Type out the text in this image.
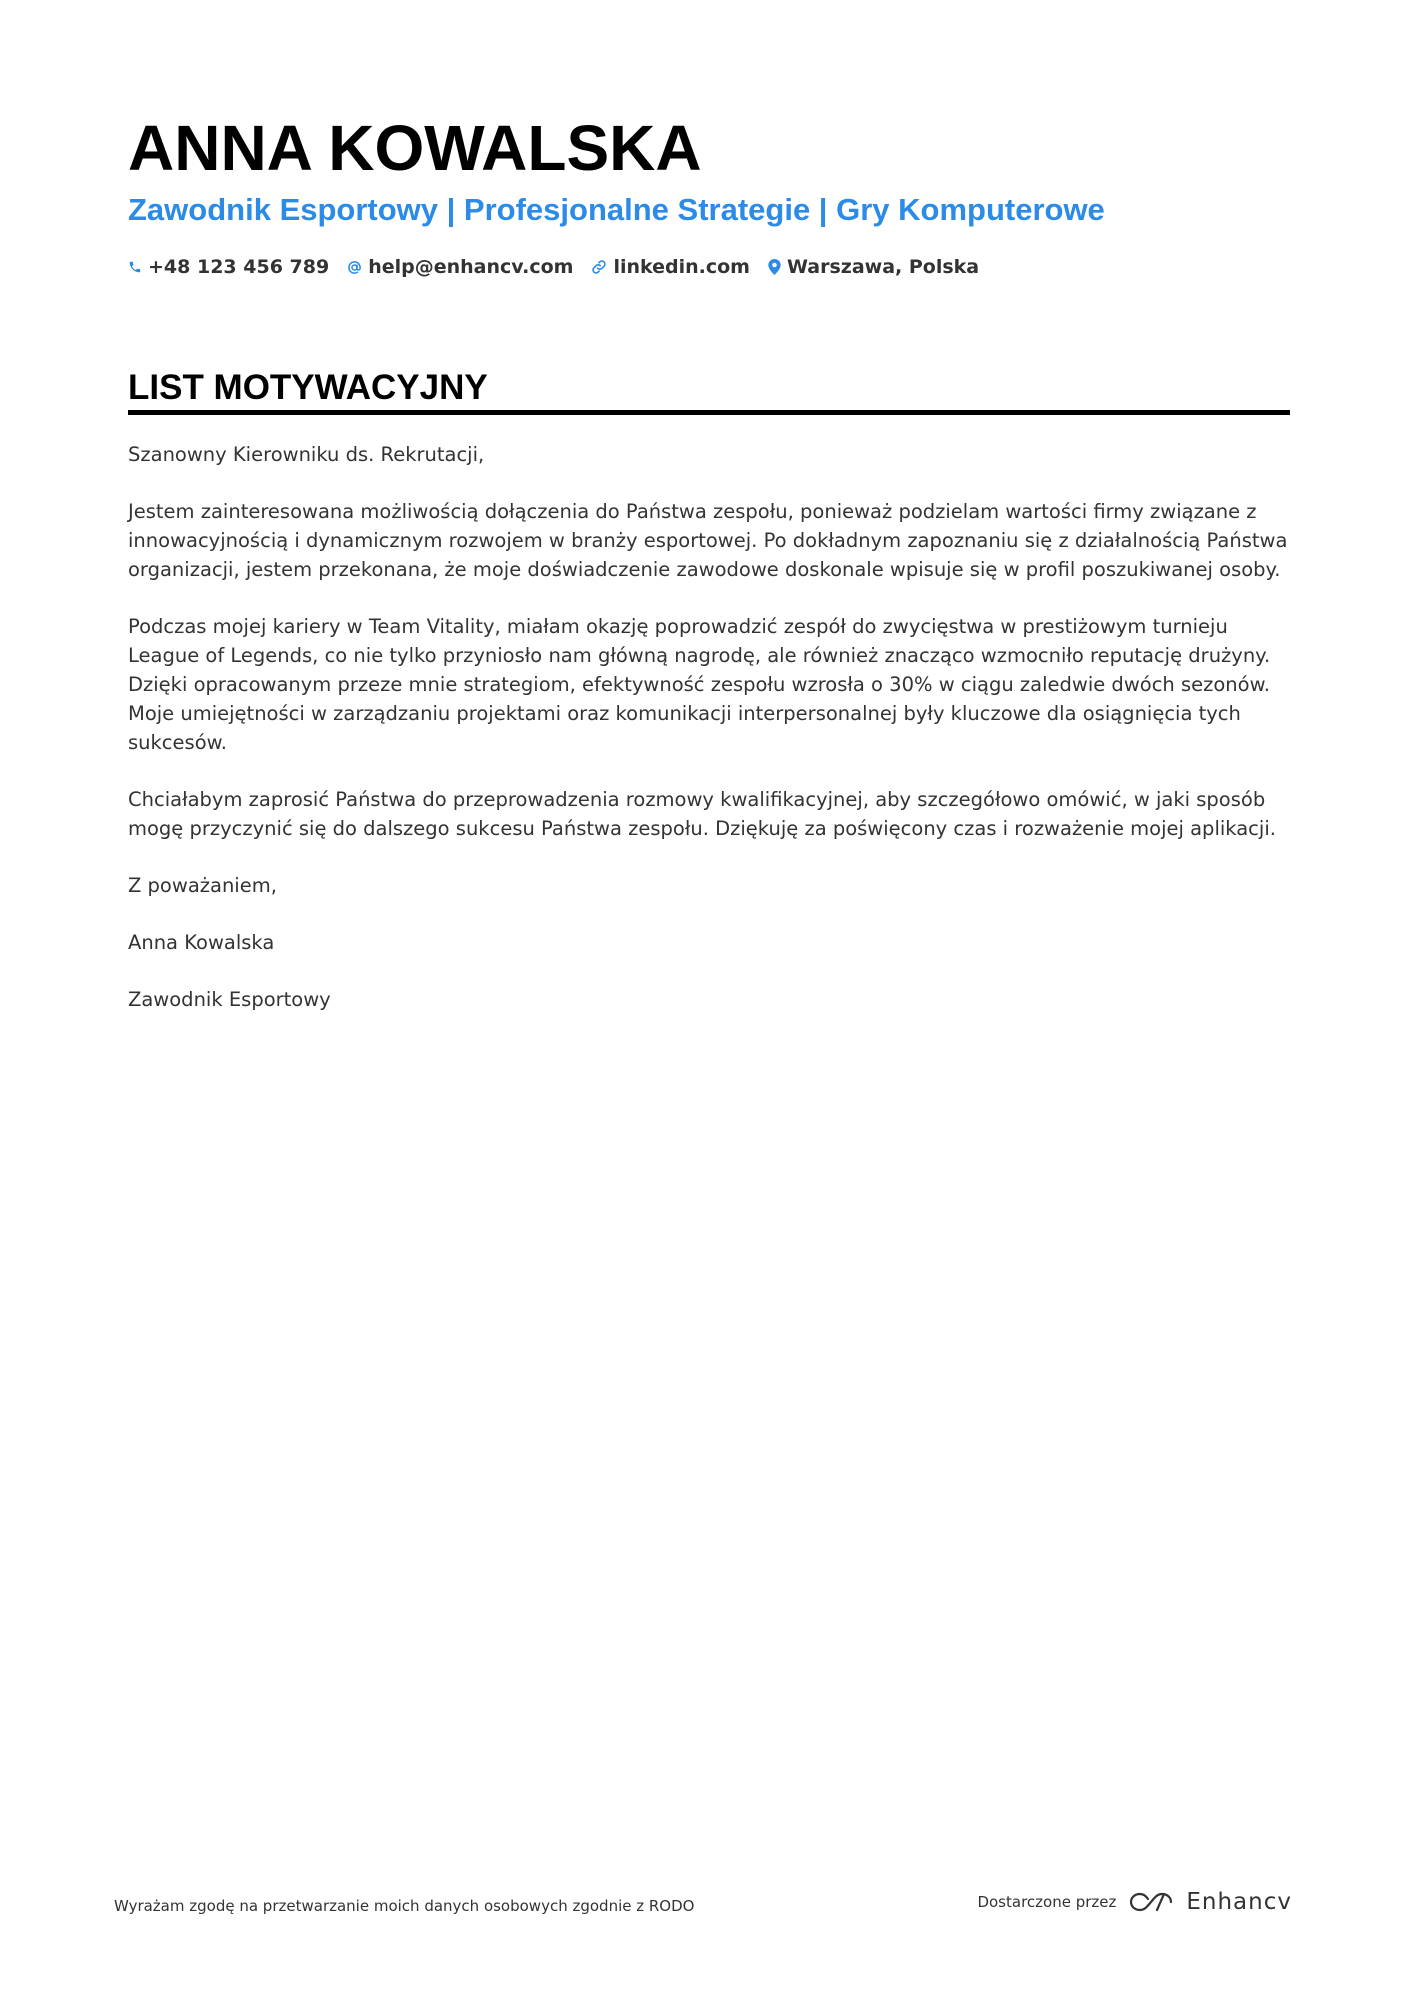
ANNA KOWALSKA
Zawodnik Esportowy | Profesjonalne Strategie | Gry Komputerowe
+48 123 456 789 help@enhancv.com linkedin.com Warszawa, Polska
LIST MOTYWACYJNY

Szanowny Kierowniku ds. Rekrutacji,

Jestem zainteresowana możliwością dołączenia do Państwa zespołu, ponieważ podzielam wartości firmy związane z innowacyjnością i dynamicznym rozwojem w branży esportowej. Po dokładnym zapoznaniu się z działalnością Państwa organizacji, jestem przekonana, że moje doświadczenie zawodowe doskonale wpisuje się w profil poszukiwanej osoby.

Podczas mojej kariery w Team Vitality, miałam okazję poprowadzić zespół do zwycięstwa w prestiżowym turnieju League of Legends, co nie tylko przyniosło nam główną nagrodę, ale również znacząco wzmocniło reputację drużyny. Dzięki opracowanym przeze mnie strategiom, efektywność zespołu wzrosła o 30% w ciągu zaledwie dwóch sezonów. Moje umiejętności w zarządzaniu projektami oraz komunikacji interpersonalnej były kluczowe dla osiągnięcia tych sukcesów.

Chciałabym zaprosić Państwa do przeprowadzenia rozmowy kwalifikacyjnej, aby szczegółowo omówić, w jaki sposób mogę przyczynić się do dalszego sukcesu Państwa zespołu. Dziękuję za poświęcony czas i rozważenie mojej aplikacji.

Z poważaniem,

Anna Kowalska

Zawodnik Esportowy

Wyrażam zgodę na przetwarzanie moich danych osobowych zgodnie z RODO	Dostarczone przez	Enhancv
